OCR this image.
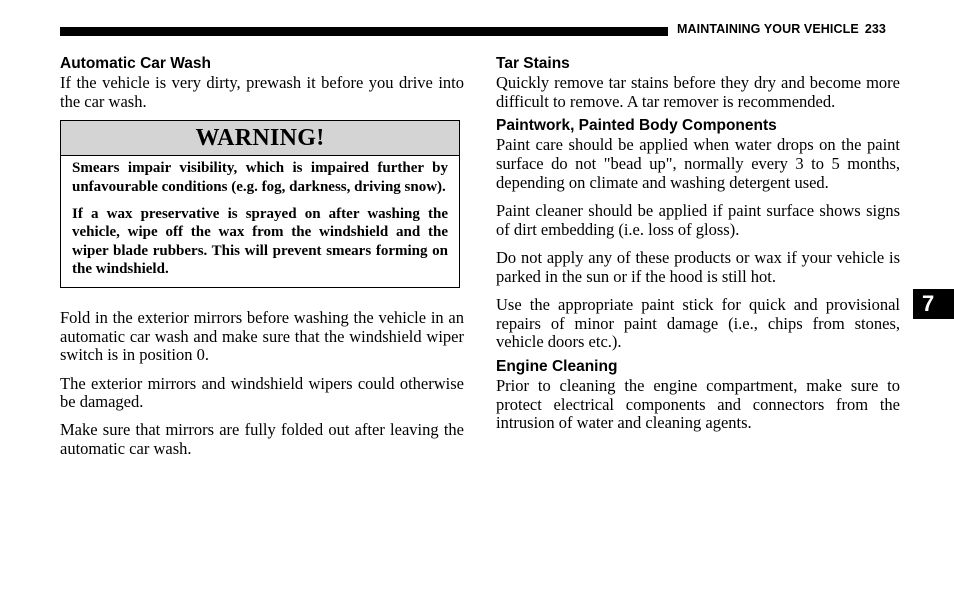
MAINTAINING YOUR VEHICLE 233
Automatic Car Wash

If the vehicle is very dirty, prewash it before you drive into the car wash.

WARNING!

Smears impair visibility, which is impaired further by unfavourable conditions (e.g. fog, darkness, driving snow).

If a wax preservative is sprayed on after washing the vehicle, wipe off the wax from the windshield and the wiper blade rubbers. This will prevent smears forming on the windshield.

Fold in the exterior mirrors before washing the vehicle in an automatic car wash and make sure that the windshield wiper switch is in position 0.

The exterior mirrors and windshield wipers could otherwise be damaged.

Make sure that mirrors are fully folded out after leaving the automatic car wash.

Tar Stains

Quickly remove tar stains before they dry and become more difficult to remove. A tar remover is recommended.

Paintwork, Painted Body Components

Paint care should be applied when water drops on the paint surface do not "bead up", normally every 3 to 5 months, depending on climate and washing detergent used.

Paint cleaner should be applied if paint surface shows signs of dirt embedding (i.e. loss of gloss).

Do not apply any of these products or wax if your vehicle is parked in the sun or if the hood is still hot.

Use the appropriate paint stick for quick and provisional repairs of minor paint damage (i.e., chips from stones, vehicle doors etc.).

Engine Cleaning

Prior to cleaning the engine compartment, make sure to protect electrical components and connectors from the intrusion of water and cleaning agents.

7
